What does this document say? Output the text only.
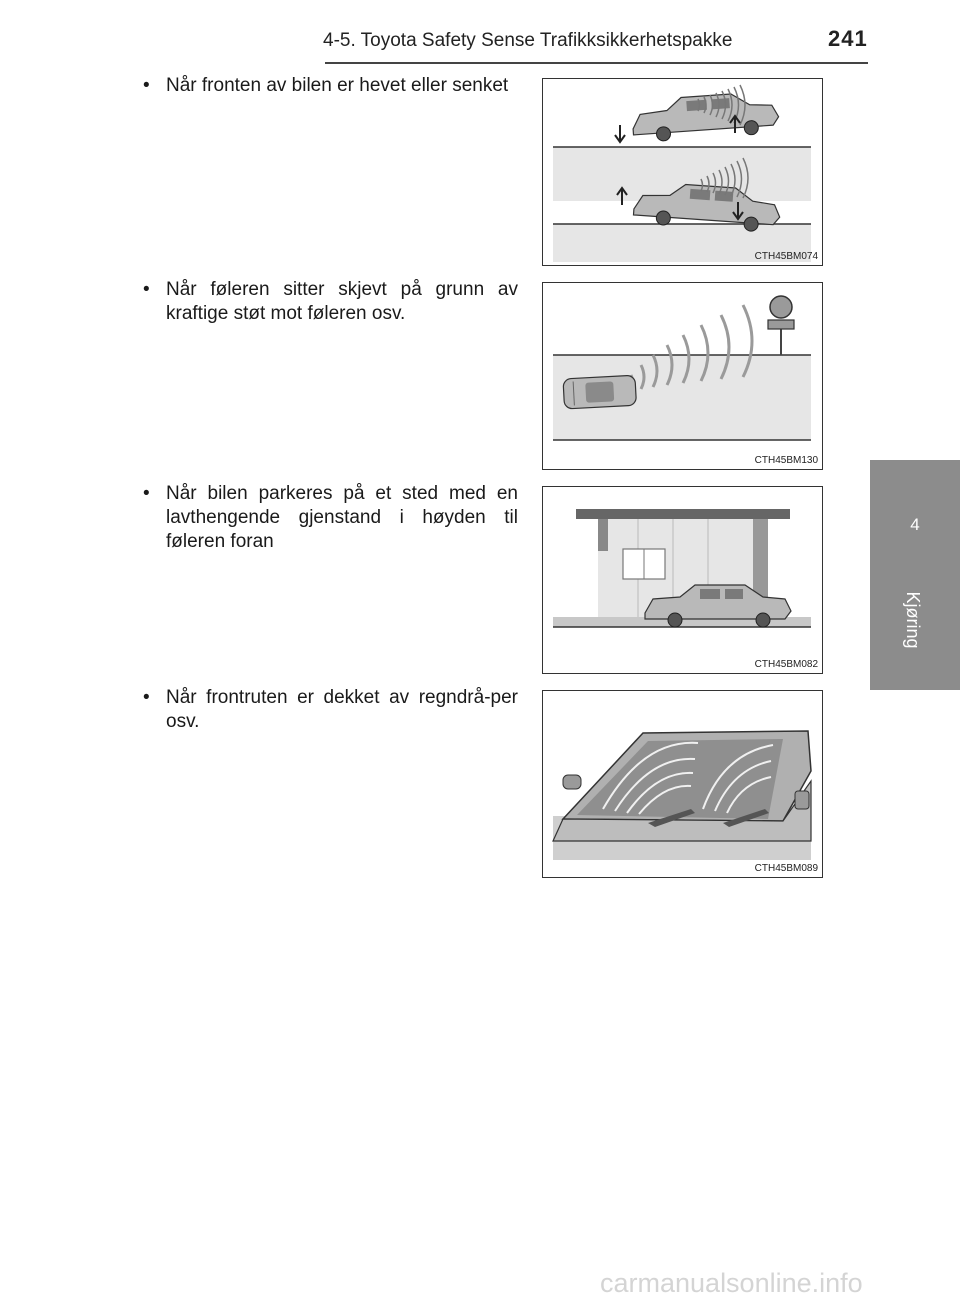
4-5. Toyota Safety Sense Trafikksikkerhetspakke	241
4
Kjøring
• Når fronten av bilen er hevet eller senket
CTH45BM074
• Når føleren sitter skjevt på grunn av kraftige støt mot føleren osv.
CTH45BM130
• Når bilen parkeres på et sted med en lavthengende gjenstand i høyden til føleren foran
CTH45BM082
• Når frontruten er dekket av regndrå-per osv.
CTH45BM089
carmanualsonline.info
